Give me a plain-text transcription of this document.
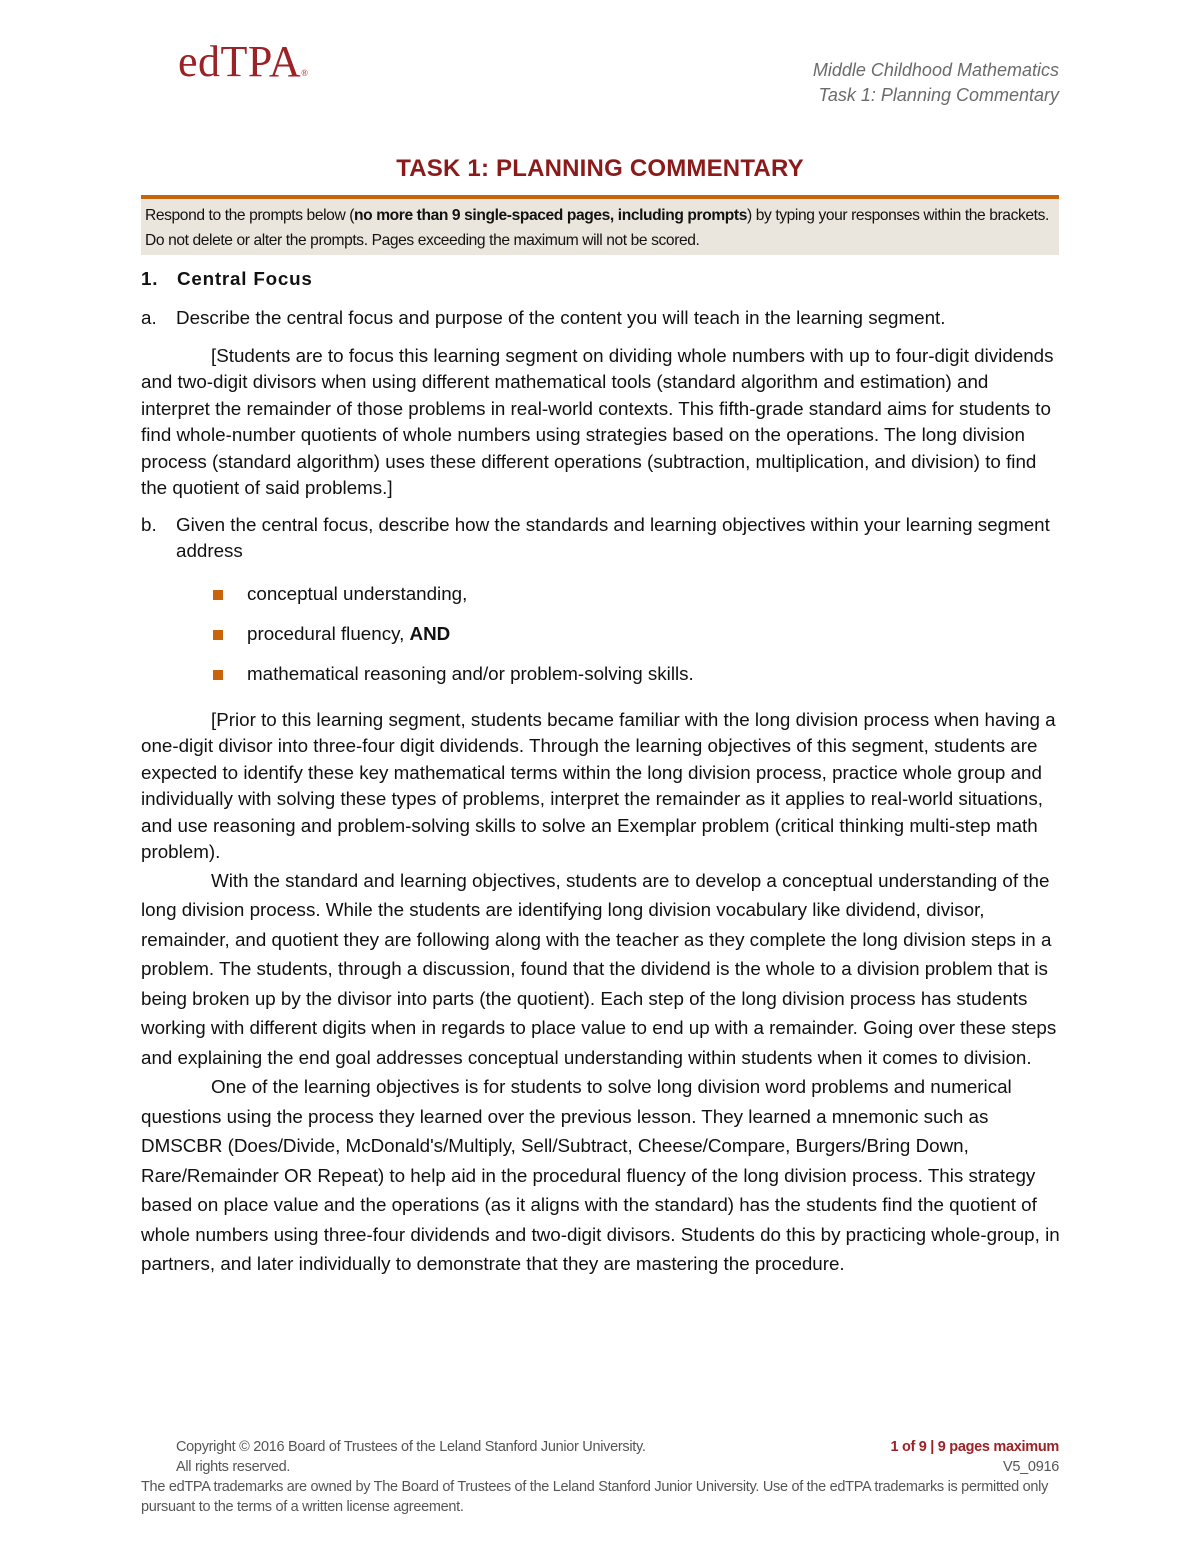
edTPA®	Middle Childhood Mathematics
Task 1: Planning Commentary
TASK 1: PLANNING COMMENTARY
Respond to the prompts below (no more than 9 single-spaced pages, including prompts) by typing your responses within the brackets. Do not delete or alter the prompts. Pages exceeding the maximum will not be scored.
1. Central Focus
a. Describe the central focus and purpose of the content you will teach in the learning segment.

[Students are to focus this learning segment on dividing whole numbers with up to four-digit dividends and two-digit divisors when using different mathematical tools (standard algorithm and estimation) and interpret the remainder of those problems in real-world contexts. This fifth-grade standard aims for students to find whole-number quotients of whole numbers using strategies based on the operations. The long division process (standard algorithm) uses these different operations (subtraction, multiplication, and division) to find the quotient of said problems.]

b. Given the central focus, describe how the standards and learning objectives within your learning segment address
conceptual understanding,
procedural fluency, AND
mathematical reasoning and/or problem-solving skills.

[Prior to this learning segment, students became familiar with the long division process when having a one-digit divisor into three-four digit dividends. Through the learning objectives of this segment, students are expected to identify these key mathematical terms within the long division process, practice whole group and individually with solving these types of problems, interpret the remainder as it applies to real-world situations, and use reasoning and problem-solving skills to solve an Exemplar problem (critical thinking multi-step math problem).

With the standard and learning objectives, students are to develop a conceptual understanding of the long division process. While the students are identifying long division vocabulary like dividend, divisor, remainder, and quotient they are following along with the teacher as they complete the long division steps in a problem. The students, through a discussion, found that the dividend is the whole to a division problem that is being broken up by the divisor into parts (the quotient). Each step of the long division process has students working with different digits when in regards to place value to end up with a remainder. Going over these steps and explaining the end goal addresses conceptual understanding within students when it comes to division.

One of the learning objectives is for students to solve long division word problems and numerical questions using the process they learned over the previous lesson. They learned a mnemonic such as DMSCBR (Does/Divide, McDonald's/Multiply, Sell/Subtract, Cheese/Compare, Burgers/Bring Down, Rare/Remainder OR Repeat) to help aid in the procedural fluency of the long division process. This strategy based on place value and the operations (as it aligns with the standard) has the students find the quotient of whole numbers using three-four dividends and two-digit divisors. Students do this by practicing whole-group, in partners, and later individually to demonstrate that they are mastering the procedure.

Copyright © 2016 Board of Trustees of the Leland Stanford Junior University.	1 of 9 | 9 pages maximum
All rights reserved.	V5_0916
The edTPA trademarks are owned by The Board of Trustees of the Leland Stanford Junior University. Use of the edTPA trademarks is permitted only pursuant to the terms of a written license agreement.
